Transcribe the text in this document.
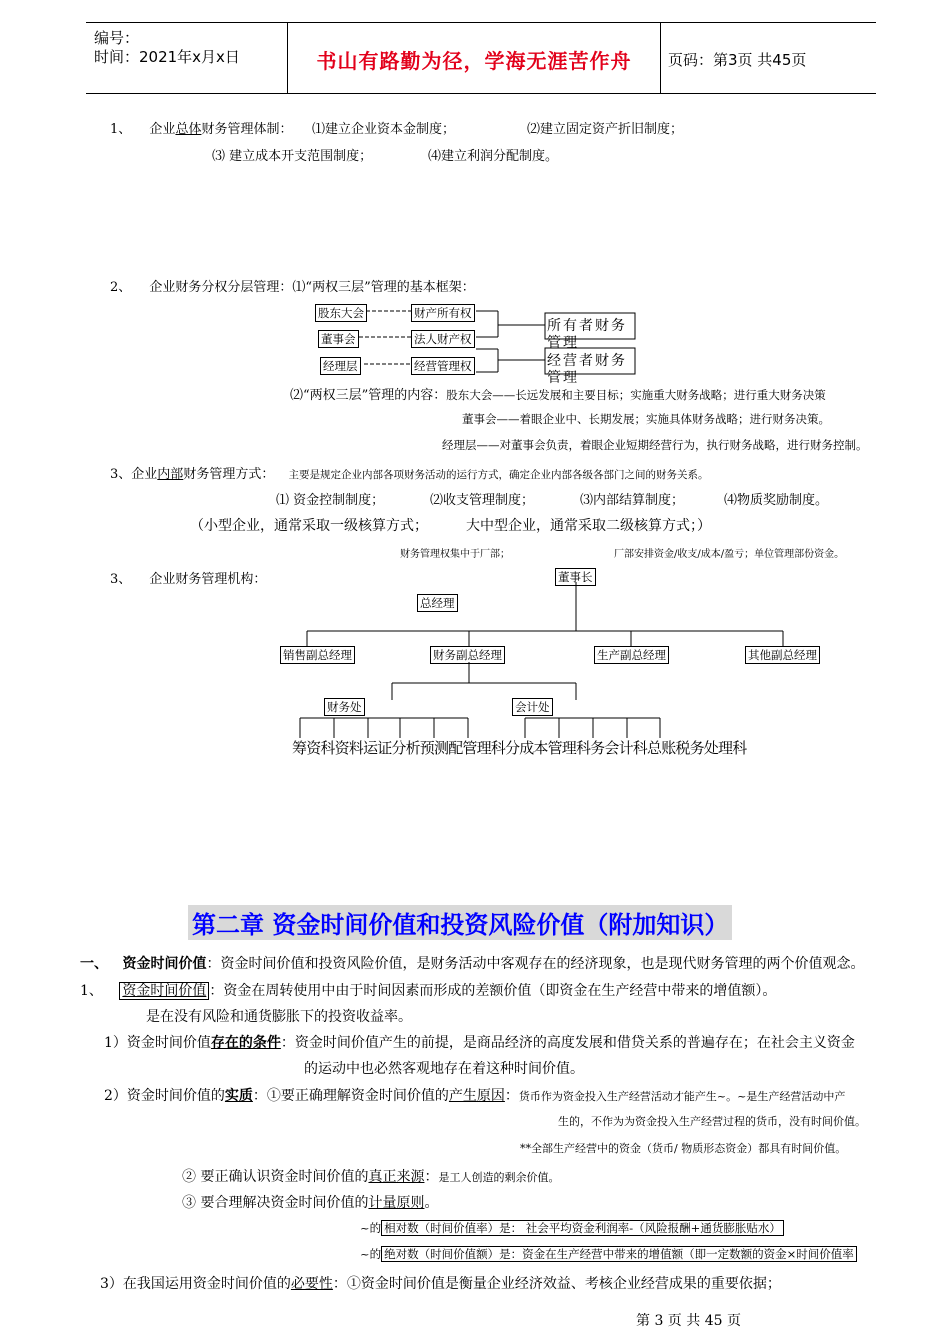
编号：
时间：2021年x月x日	书山有路勤为径，学海无涯苦作舟	页码：第3页 共45页
1、 企业总体财务管理体制： ⑴建立企业资本金制度；	⑵建立固定资产折旧制度；
⑶ 建立成本开支范围制度；	⑷建立利润分配制度。
2、 企业财务分权分层管理：⑴“两权三层”管理的基本框架：
股东大会	财产所有权
董事会	法人财产权
经理层	经营管理权
所有者财务管理
经营者财务管理
⑵“两权三层”管理的内容：股东大会——长远发展和主要目标；实施重大财务战略；进行重大财务决策
董事会——着眼企业中、长期发展；实施具体财务战略；进行财务决策。
经理层——对董事会负责，着眼企业短期经营行为，执行财务战略，进行财务控制。
3、企业内部财务管理方式： 主要是规定企业内部各项财务活动的运行方式，确定企业内部各级各部门之间的财务关系。
⑴ 资金控制制度；	⑵收支管理制度；	⑶内部结算制度；	⑷物质奖励制度。
（小型企业，通常采取一级核算方式；	大中型企业，通常采取二级核算方式；）
财务管理权集中于厂部；	厂部安排资金/收支/成本/盈亏；单位管理部份资金。
3、 企业财务管理机构：	董事长
总经理
销售副总经理	财务副总经理	生产副总经理	其他副总经理
财务处	会计处
筹资科资料运证分析预测配管理科分成本管理科务会计科总账税务处理科
第二章 资金时间价值和投资风险价值（附加知识）
一、 资金时间价值：资金时间价值和投资风险价值，是财务活动中客观存在的经济现象，也是现代财务管理的两个价值观念。
1、 资金时间价值 ：资金在周转使用中由于时间因素而形成的差额价值（即资金在生产经营中带来的增值额）。
是在没有风险和通货膨胀下的投资收益率。
1）资金时间价值存在的条件：资金时间价值产生的前提，是商品经济的高度发展和借贷关系的普遍存在；在社会主义资金
的运动中也必然客观地存在着这种时间价值。
2）资金时间价值的实质：①要正确理解资金时间价值的产生原因：货币作为资金投入生产经营活动才能产生~。~是生产经营活动中产
生的，不作为为资金投入生产经营过程的货币，没有时间价值。
**全部生产经营中的资金（货币/ 物质形态资金）都具有时间价值。
② 要正确认识资金时间价值的真正来源：是工人创造的剩余价值。
③ 要合理解决资金时间价值的计量原则。
~的 相对数（时间价值率）是： 社会平均资金利润率-（风险报酬+通货膨胀贴水）
~的 绝对数（时间价值额）是：资金在生产经营中带来的增值额（即一定数额的资金×时间价值率
3）在我国运用资金时间价值的必要性：①资金时间价值是衡量企业经济效益、考核企业经营成果的重要依据；
第 3 页 共 45 页
